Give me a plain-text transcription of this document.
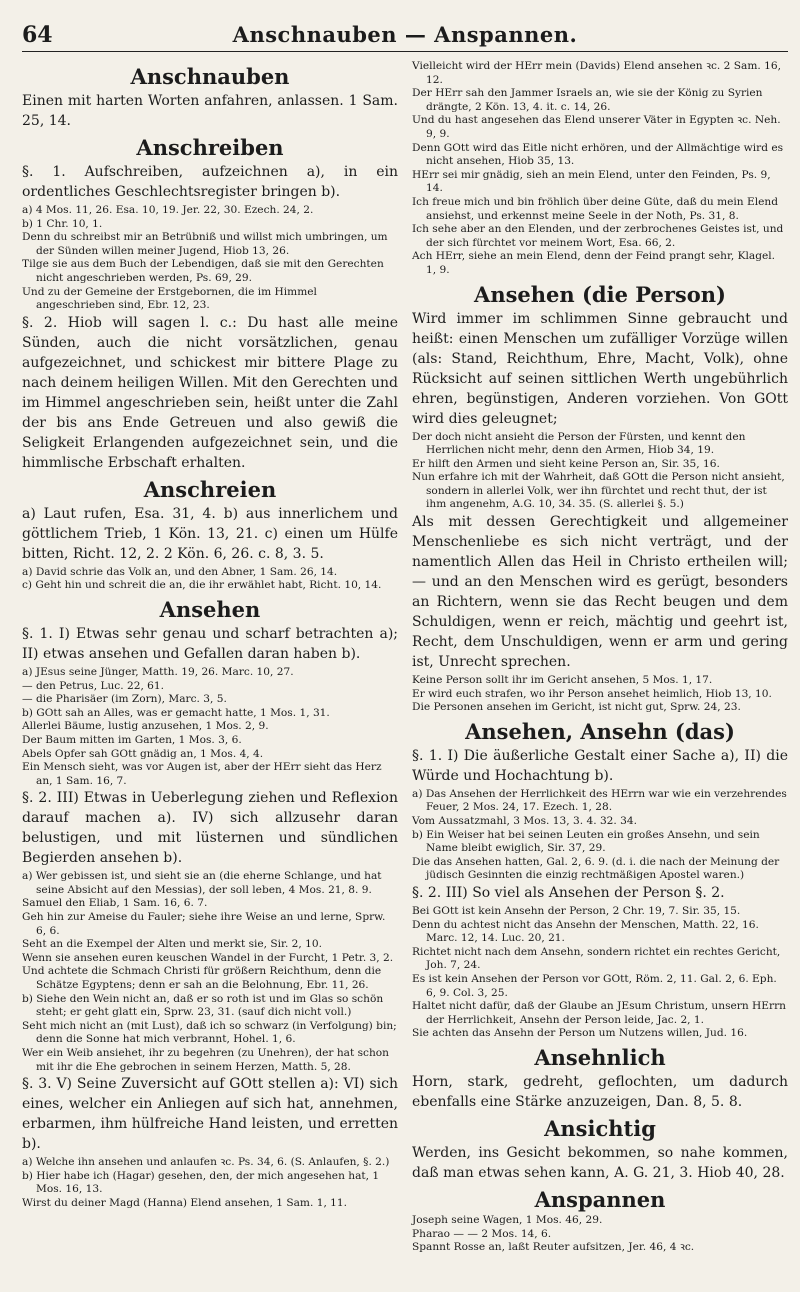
64	Anschnauben — Anspannen.
Anschnauben
Einen mit harten Worten anfahren, anlassen. 1 Sam. 25, 14.
Anschreiben
§. 1. Aufschreiben, aufzeichnen a), in ein ordentliches Geschlechtsregister bringen b).
a) 4 Mos. 11, 26. Esa. 10, 19. Jer. 22, 30. Ezech. 24, 2.
b) 1 Chr. 10, 1.
Denn du schreibst mir an Betrübniß und willst mich umbringen, um der Sünden willen meiner Jugend, Hiob 13, 26.
Tilge sie aus dem Buch der Lebendigen, daß sie mit den Gerechten nicht angeschrieben werden, Ps. 69, 29.
Und zu der Gemeine der Erstgebornen, die im Himmel angeschrieben sind, Ebr. 12, 23.
§. 2. Hiob will sagen l. c.: Du hast alle meine Sünden, auch die nicht vorsätzlichen, genau aufgezeichnet, und schickest mir bittere Plage zu nach deinem heiligen Willen. Mit den Gerechten und im Himmel angeschrieben sein, heißt unter die Zahl der bis ans Ende Getreuen und also gewiß die Seligkeit Erlangenden aufgezeichnet sein, und die himmlische Erbschaft erhalten.
Anschreien
a) Laut rufen, Esa. 31, 4. b) aus innerlichem und göttlichem Trieb, 1 Kön. 13, 21. c) einen um Hülfe bitten, Richt. 12, 2. 2 Kön. 6, 26. c. 8, 3. 5.
a) David schrie das Volk an, und den Abner, 1 Sam. 26, 14.
c) Geht hin und schreit die an, die ihr erwählet habt, Richt. 10, 14.
Ansehen
§. 1. I) Etwas sehr genau und scharf betrachten a); II) etwas ansehen und Gefallen daran haben b).
a) JEsus seine Jünger, Matth. 19, 26. Marc. 10, 27.
— den Petrus, Luc. 22, 61.
— die Pharisäer (im Zorn), Marc. 3, 5.
b) GOtt sah an Alles, was er gemacht hatte, 1 Mos. 1, 31.
Allerlei Bäume, lustig anzusehen, 1 Mos. 2, 9.
Der Baum mitten im Garten, 1 Mos. 3, 6.
Abels Opfer sah GOtt gnädig an, 1 Mos. 4, 4.
Ein Mensch sieht, was vor Augen ist, aber der HErr sieht das Herz an, 1 Sam. 16, 7.
§. 2. III) Etwas in Ueberlegung ziehen und Reflexion darauf machen a). IV) sich allzusehr daran belustigen, und mit lüsternen und sündlichen Begierden ansehen b).
a) Wer gebissen ist, und sieht sie an (die eherne Schlange, und hat seine Absicht auf den Messias), der soll leben, 4 Mos. 21, 8. 9.
Samuel den Eliab, 1 Sam. 16, 6. 7.
Geh hin zur Ameise du Fauler; siehe ihre Weise an und lerne, Sprw. 6, 6.
Seht an die Exempel der Alten und merkt sie, Sir. 2, 10.
Wenn sie ansehen euren keuschen Wandel in der Furcht, 1 Petr. 3, 2.
Und achtete die Schmach Christi für größern Reichthum, denn die Schätze Egyptens; denn er sah an die Belohnung, Ebr. 11, 26.
b) Siehe den Wein nicht an, daß er so roth ist und im Glas so schön steht; er geht glatt ein, Sprw. 23, 31. (sauf dich nicht voll.)
Seht mich nicht an (mit Lust), daß ich so schwarz (in Verfolgung) bin; denn die Sonne hat mich verbrannt, Hohel. 1, 6.
Wer ein Weib ansiehet, ihr zu begehren (zu Unehren), der hat schon mit ihr die Ehe gebrochen in seinem Herzen, Matth. 5, 28.
§. 3. V) Seine Zuversicht auf GOtt stellen a): VI) sich eines, welcher ein Anliegen auf sich hat, annehmen, erbarmen, ihm hülfreiche Hand leisten, und erretten b).
a) Welche ihn ansehen und anlaufen ꝛc. Ps. 34, 6. (S. Anlaufen, §. 2.)
b) Hier habe ich (Hagar) gesehen, den, der mich angesehen hat, 1 Mos. 16, 13.
Wirst du deiner Magd (Hanna) Elend ansehen, 1 Sam. 1, 11.
Vielleicht wird der HErr mein (Davids) Elend ansehen ꝛc. 2 Sam. 16, 12.
Der HErr sah den Jammer Israels an, wie sie der König zu Syrien drängte, 2 Kön. 13, 4. it. c. 14, 26.
Und du hast angesehen das Elend unserer Väter in Egypten ꝛc. Neh. 9, 9.
Denn GOtt wird das Eitle nicht erhören, und der Allmächtige wird es nicht ansehen, Hiob 35, 13.
HErr sei mir gnädig, sieh an mein Elend, unter den Feinden, Ps. 9, 14.
Ich freue mich und bin fröhlich über deine Güte, daß du mein Elend ansiehst, und erkennst meine Seele in der Noth, Ps. 31, 8.
Ich sehe aber an den Elenden, und der zerbrochenes Geistes ist, und der sich fürchtet vor meinem Wort, Esa. 66, 2.
Ach HErr, siehe an mein Elend, denn der Feind prangt sehr, Klagel. 1, 9.
Ansehen (die Person)
Wird immer im schlimmen Sinne gebraucht und heißt: einen Menschen um zufälliger Vorzüge willen (als: Stand, Reichthum, Ehre, Macht, Volk), ohne Rücksicht auf seinen sittlichen Werth ungebührlich ehren, begünstigen, Anderen vorziehen. Von GOtt wird dies geleugnet;
Der doch nicht ansieht die Person der Fürsten, und kennt den Herrlichen nicht mehr, denn den Armen, Hiob 34, 19.
Er hilft den Armen und sieht keine Person an, Sir. 35, 16.
Nun erfahre ich mit der Wahrheit, daß GOtt die Person nicht ansieht, sondern in allerlei Volk, wer ihn fürchtet und recht thut, der ist ihm angenehm, A.G. 10, 34. 35. (S. allerlei §. 5.)
Als mit dessen Gerechtigkeit und allgemeiner Menschenliebe es sich nicht verträgt, und der namentlich Allen das Heil in Christo ertheilen will; — und an den Menschen wird es gerügt, besonders an Richtern, wenn sie das Recht beugen und dem Schuldigen, wenn er reich, mächtig und geehrt ist, Recht, dem Unschuldigen, wenn er arm und gering ist, Unrecht sprechen.
Keine Person sollt ihr im Gericht ansehen, 5 Mos. 1, 17.
Er wird euch strafen, wo ihr Person ansehet heimlich, Hiob 13, 10.
Die Personen ansehen im Gericht, ist nicht gut, Sprw. 24, 23.
Ansehen, Ansehn (das)
§. 1. I) Die äußerliche Gestalt einer Sache a), II) die Würde und Hochachtung b).
a) Das Ansehen der Herrlichkeit des HErrn war wie ein verzehrendes Feuer, 2 Mos. 24, 17. Ezech. 1, 28.
Vom Aussatzmahl, 3 Mos. 13, 3. 4. 32. 34.
b) Ein Weiser hat bei seinen Leuten ein großes Ansehn, und sein Name bleibt ewiglich, Sir. 37, 29.
Die das Ansehen hatten, Gal. 2, 6. 9. (d. i. die nach der Meinung der jüdisch Gesinnten die einzig rechtmäßigen Apostel waren.)
§. 2. III) So viel als Ansehen der Person §. 2.
Bei GOtt ist kein Ansehn der Person, 2 Chr. 19, 7. Sir. 35, 15.
Denn du achtest nicht das Ansehn der Menschen, Matth. 22, 16. Marc. 12, 14. Luc. 20, 21.
Richtet nicht nach dem Ansehn, sondern richtet ein rechtes Gericht, Joh. 7, 24.
Es ist kein Ansehen der Person vor GOtt, Röm. 2, 11. Gal. 2, 6. Eph. 6, 9. Col. 3, 25.
Haltet nicht dafür, daß der Glaube an JEsum Christum, unsern HErrn der Herrlichkeit, Ansehn der Person leide, Jac. 2, 1.
Sie achten das Ansehn der Person um Nutzens willen, Jud. 16.
Ansehnlich
Horn, stark, gedreht, geflochten, um dadurch ebenfalls eine Stärke anzuzeigen, Dan. 8, 5. 8.
Ansichtig
Werden, ins Gesicht bekommen, so nahe kommen, daß man etwas sehen kann, A. G. 21, 3. Hiob 40, 28.
Anspannen
Joseph seine Wagen, 1 Mos. 46, 29.
Pharao — — 2 Mos. 14, 6.
Spannt Rosse an, laßt Reuter aufsitzen, Jer. 46, 4 ꝛc.
